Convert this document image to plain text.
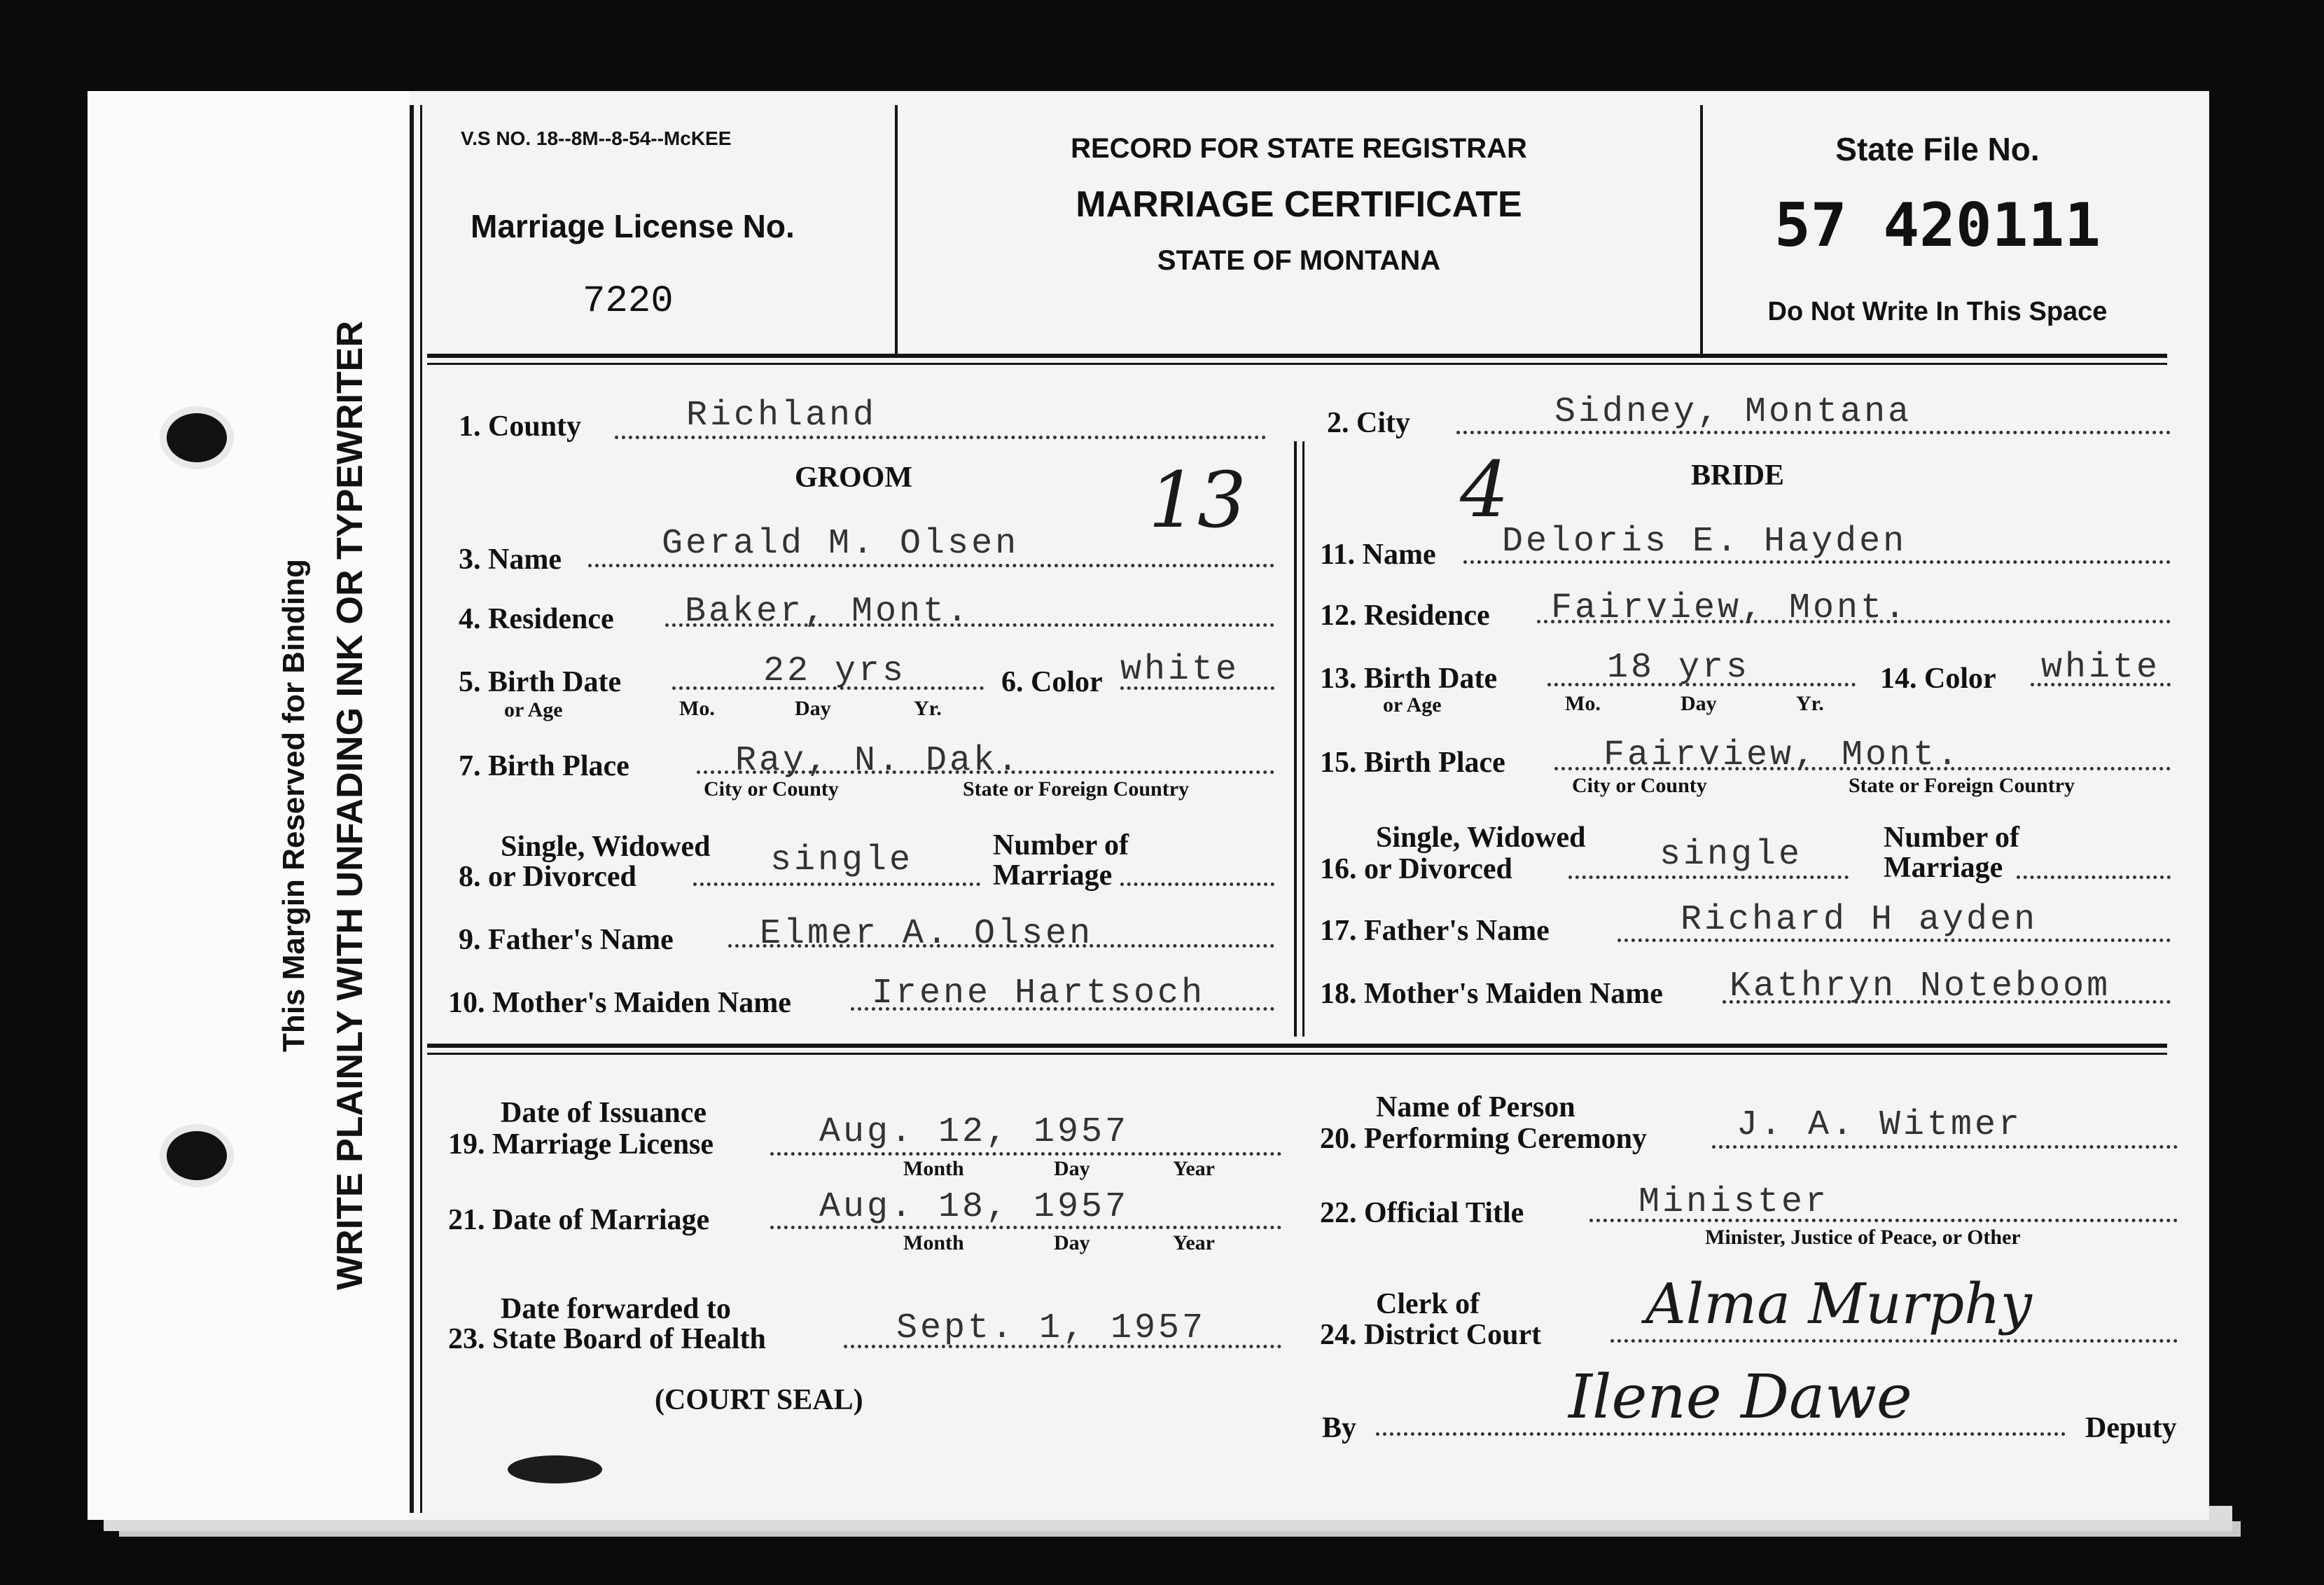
This Margin Reserved for Binding WRITE PLAINLY WITH UNFADING INK OR TYPEWRITER
V.S NO. 18--8M--8-54--McKEE
Marriage License No.
7220
RECORD FOR STATE REGISTRAR
MARRIAGE CERTIFICATE
STATE OF MONTANA
State File No.
57 420111
Do Not Write In This Space
1. County	Richland	2. City	Sidney, Montana
13	4
GROOM	BRIDE
3. Name	Gerald M. Olsen
4. Residence Baker, Mont.
5. Birth Date
or Age
22 yrs
Mo.	Day	Yr.
6. Color white
7. Birth Place	Ray, N. Dak.
City or County	State or Foreign Country
Single, Widowed
8. or Divorced	single	Number of
Marriage
9. Father's Name Elmer A. Olsen
10. Mother's Maiden Name Irene Hartsoch
11. Name Deloris E. Hayden
12. Residence Fairview, Mont.
13. Birth Date
or Age
18 yrs
Mo.	Day	Yr.
14. Color white
15. Birth Place	Fairview, Mont.
City or County	State or Foreign Country
Single, Widowed
16. or Divorced	single	Number of
Marriage
17. Father's Name	Richard H ayden
18. Mother's Maiden Name Kathryn Noteboom
Date of Issuance
19. Marriage License	Aug. 12, 1957
Month	Day	Year
Name of Person
20. Performing Ceremony	J. A. Witmer
21. Date of Marriage	Aug. 18, 1957
Month	Day	Year
22. Official Title	Minister
Minister, Justice of Peace, or Other
Date forwarded to
23. State Board of Health	Sept. 1, 1957
Clerk of
24. District Court Alma Murphy
(COURT SEAL)
By	Ilene Dawe	Deputy
